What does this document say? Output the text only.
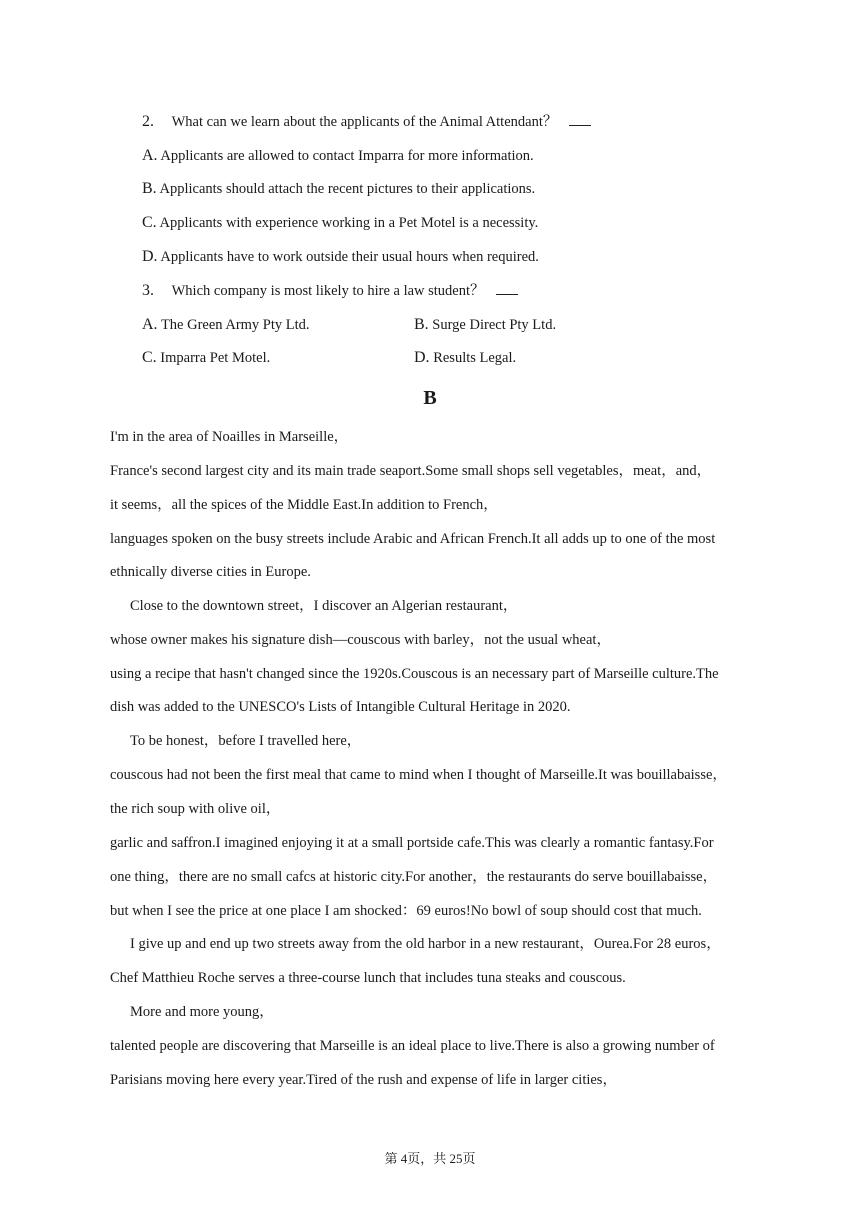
2. What can we learn about the applicants of the Animal Attendant？
A. Applicants are allowed to contact Imparra for more information.
B. Applicants should attach the recent pictures to their applications.
C. Applicants with experience working in a Pet Motel is a necessity.
D. Applicants have to work outside their usual hours when required.
3. Which company is most likely to hire a law student？
A. The Green Army Pty Ltd.	B. Surge Direct Pty Ltd.
C. Imparra Pet Motel.	D. Results Legal.
B
I'm in the area of Noailles in Marseille，
France's second largest city and its main trade seaport.Some small shops sell vegetables，meat，and，
it seems，all the spices of the Middle East.In addition to French，
languages spoken on the busy streets include Arabic and African French.It all adds up to one of the most
ethnically diverse cities in Europe.
Close to the downtown street，I discover an Algerian restaurant，
whose owner makes his signature dish—couscous with barley，not the usual wheat，
using a recipe that hasn't changed since the 1920s.Couscous is an necessary part of Marseille culture.The
dish was added to the UNESCO's Lists of Intangible Cultural Heritage in 2020.
To be honest，before I travelled here，
couscous had not been the first meal that came to mind when I thought of Marseille.It was bouillabaisse，
the rich soup with olive oil，
garlic and saffron.I imagined enjoying it at a small portside cafe.This was clearly a romantic fantasy.For
one thing，there are no small cafcs at historic city.For another，the restaurants do serve bouillabaisse，
but when I see the price at one place I am shocked：69 euros!No bowl of soup should cost that much.
I give up and end up two streets away from the old harbor in a new restaurant，Ourea.For 28 euros，
Chef Matthieu Roche serves a three-course lunch that includes tuna steaks and couscous.
More and more young，
talented people are discovering that Marseille is an ideal place to live.There is also a growing number of
Parisians moving here every year.Tired of the rush and expense of life in larger cities，
第 4页，共 25页
